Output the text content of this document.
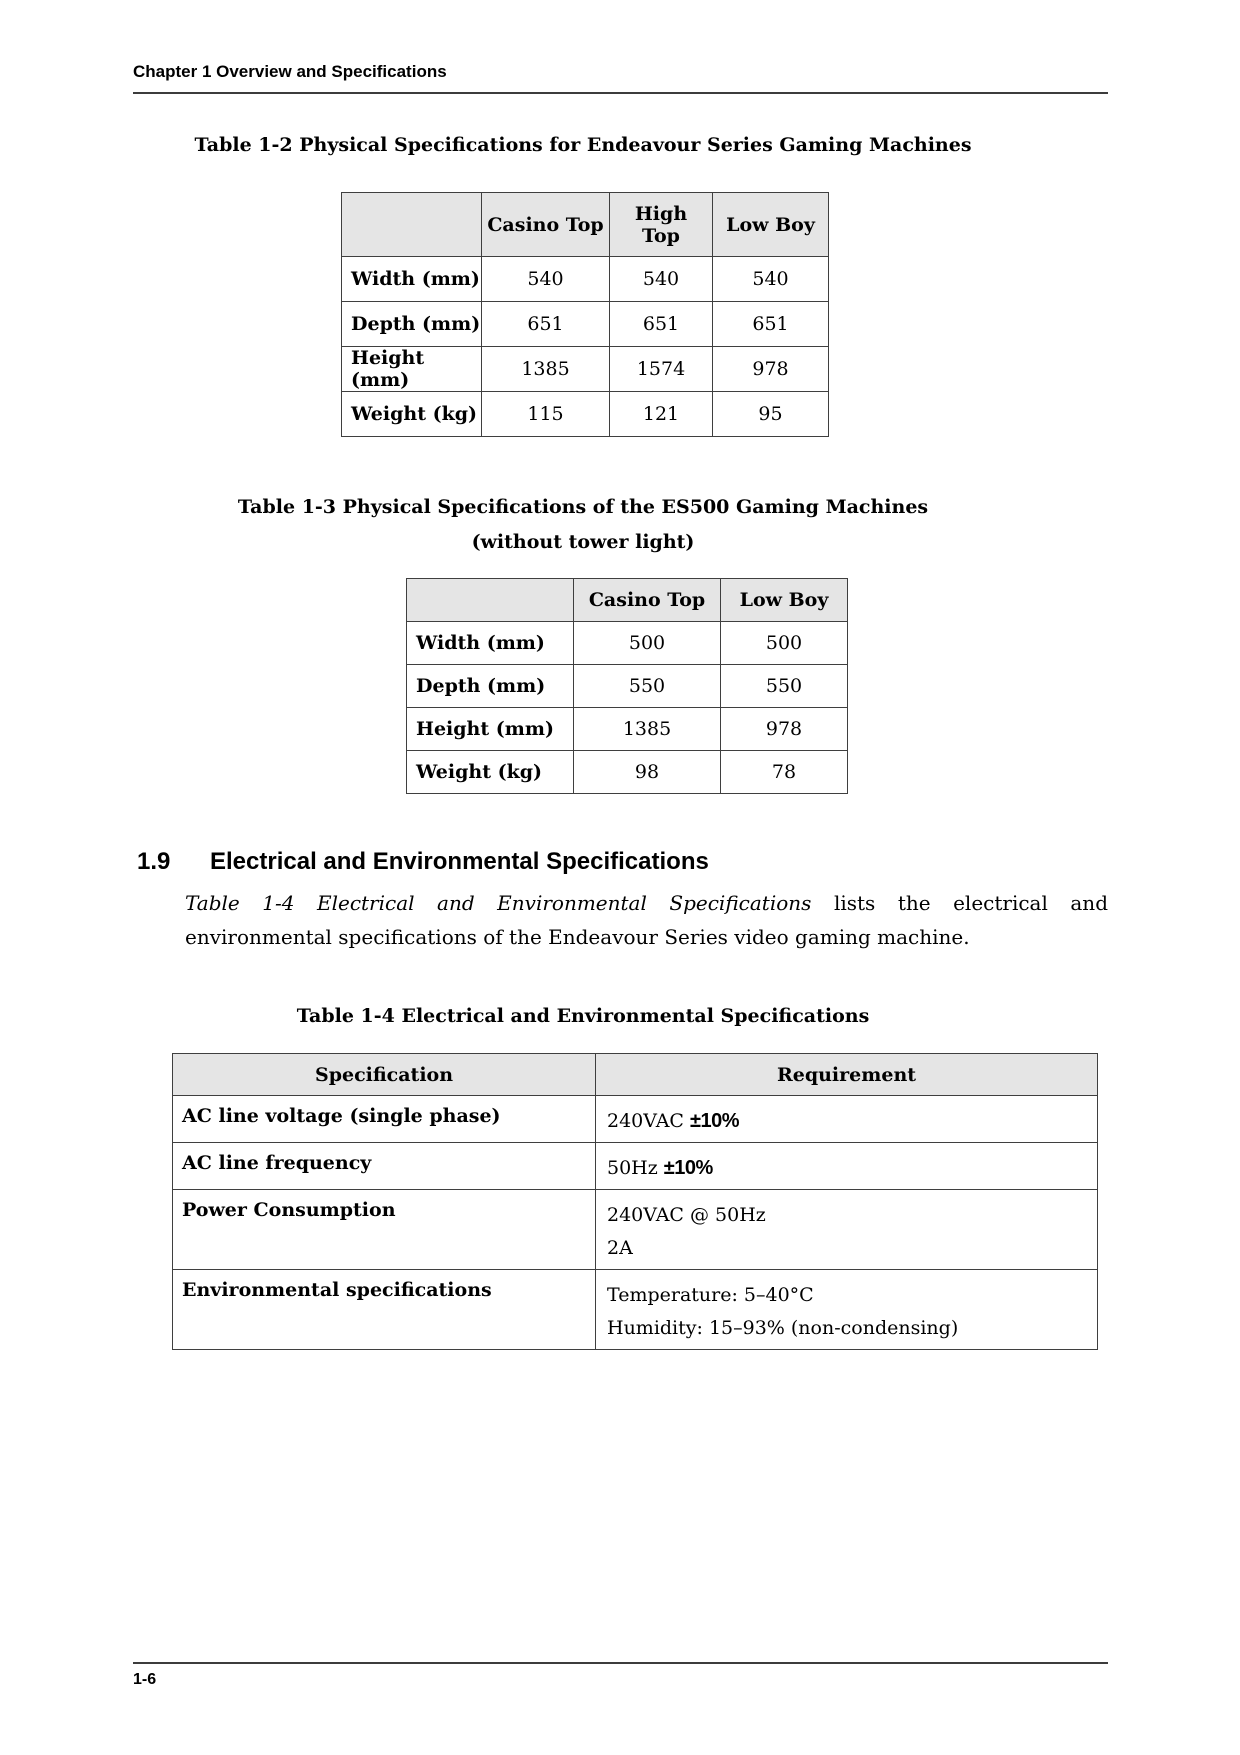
Chapter 1 Overview and Specifications
Table 1-2 Physical Specifications for Endeavour Series Gaming Machines
	Casino Top	High Top	Low Boy
Width (mm)	540	540	540
Depth (mm)	651	651	651
Height (mm)	1385	1574	978
Weight (kg)	115	121	95
Table 1-3 Physical Specifications of the ES500 Gaming Machines
(without tower light)
	Casino Top	Low Boy
Width (mm)	500	500
Depth (mm)	550	550
Height (mm)	1385	978
Weight (kg)	98	78
1.9	Electrical and Environmental Specifications

Table 1-4 Electrical and Environmental Specifications lists the electrical and environmental specifications of the Endeavour Series video gaming machine.

Table 1-4 Electrical and Environmental Specifications
Specification	Requirement
AC line voltage (single phase)	240VAC ±10%
AC line frequency	50Hz ±10%
Power Consumption	240VAC @ 50Hz
2A

Environmental specifications	Temperature: 5–40°C
Humidity: 15–93% (non-condensing)
1-6
